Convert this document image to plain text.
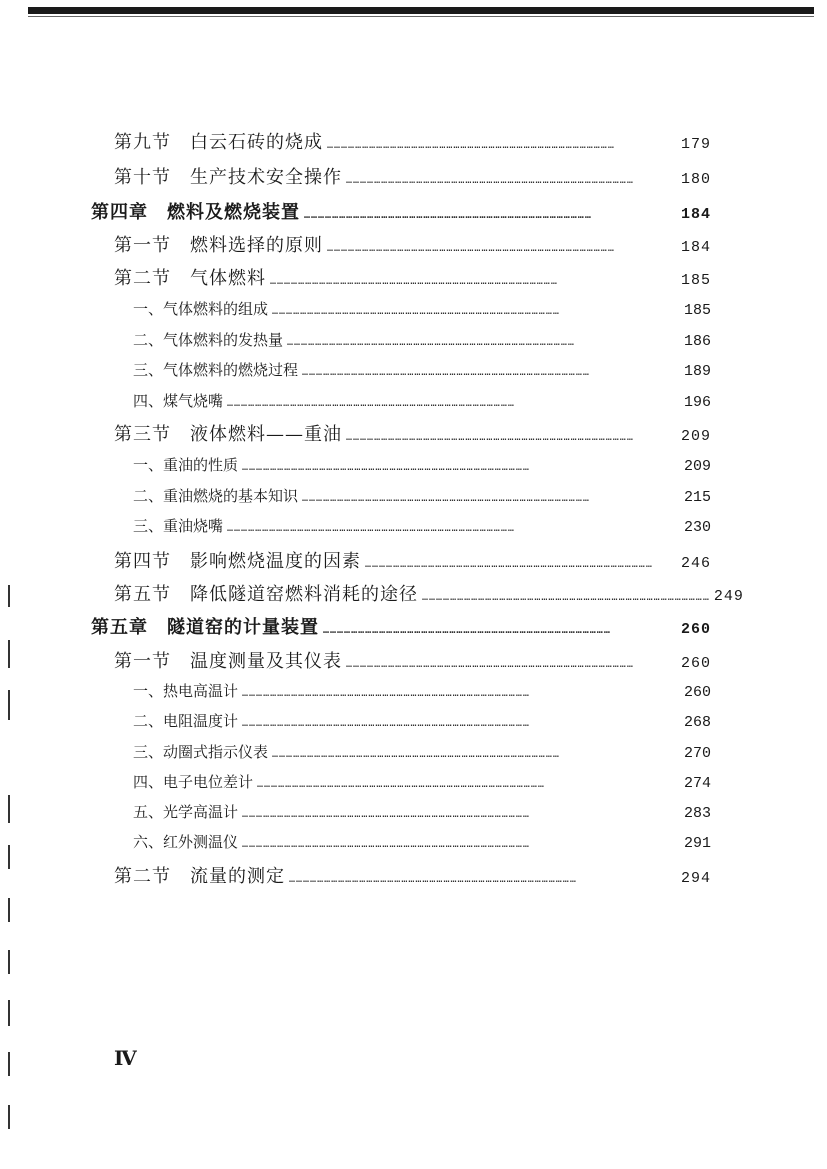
第九节　白云石砖的烧成 ……………………………………………………………………………………………………………	179
第十节　生产技术安全操作 ……………………………………………………………………………………………………………	180
第四章　燃料及燃烧装置 ……………………………………………………………………………………………………………	184
第一节　燃料选择的原则 ……………………………………………………………………………………………………………	184
第二节　气体燃料 ……………………………………………………………………………………………………………	185
一、气体燃料的组成 ……………………………………………………………………………………………………………	185
二、气体燃料的发热量 ……………………………………………………………………………………………………………	186
三、气体燃料的燃烧过程 ……………………………………………………………………………………………………………	189
四、煤气烧嘴 ……………………………………………………………………………………………………………	196
第三节　液体燃料——重油 ……………………………………………………………………………………………………………	209
一、重油的性质 ……………………………………………………………………………………………………………	209
二、重油燃烧的基本知识 ……………………………………………………………………………………………………………	215
三、重油烧嘴 ……………………………………………………………………………………………………………	230
第四节　影响燃烧温度的因素 ……………………………………………………………………………………………………………	246
第五节　降低隧道窑燃料消耗的途径 …………………………………………………………………………………………………………… 249
第五章　隧道窑的计量装置 ……………………………………………………………………………………………………………	260
第一节　温度测量及其仪表 ……………………………………………………………………………………………………………	260
一、热电高温计 ……………………………………………………………………………………………………………	260
二、电阻温度计 ……………………………………………………………………………………………………………	268
三、动圈式指示仪表 ……………………………………………………………………………………………………………	270
四、电子电位差计 ……………………………………………………………………………………………………………	274
五、光学高温计 ……………………………………………………………………………………………………………	283
六、红外测温仪 ……………………………………………………………………………………………………………	291
第二节　流量的测定 ……………………………………………………………………………………………………………	294
Ⅳ
